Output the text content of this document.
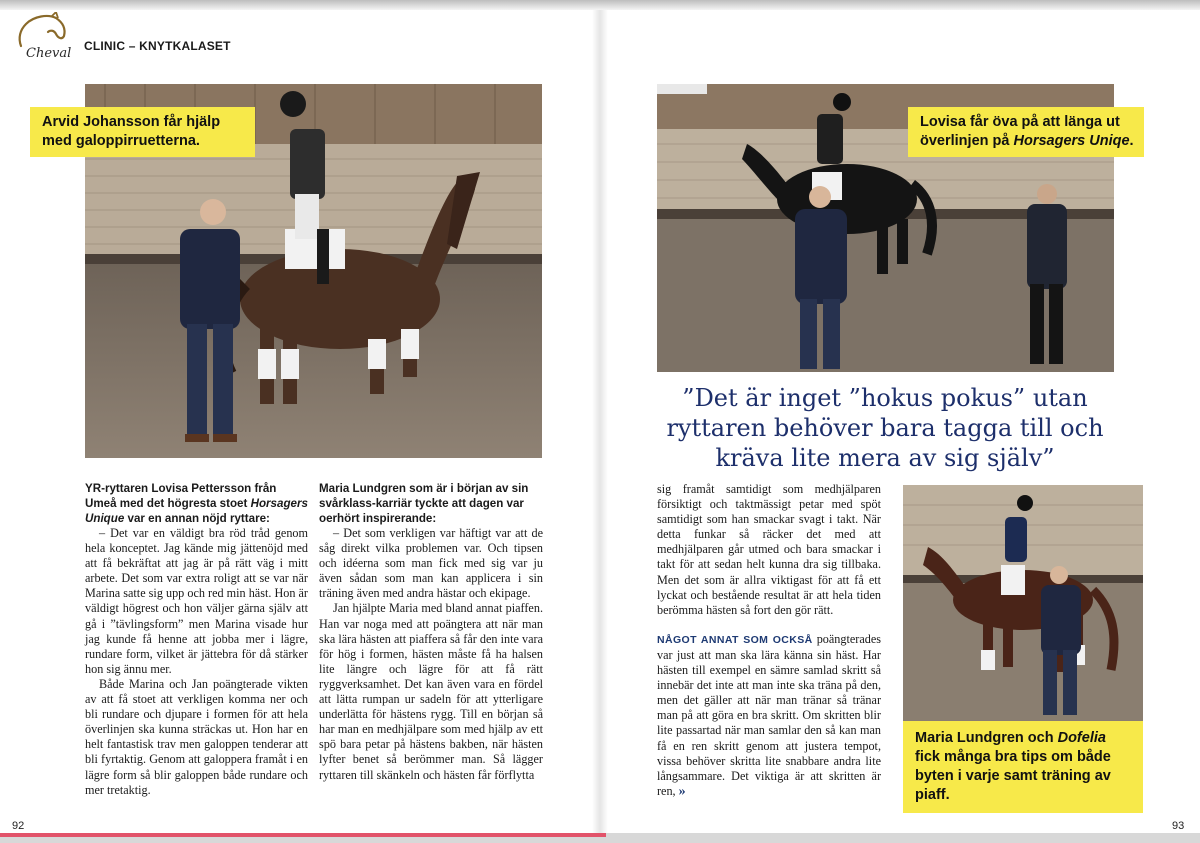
Cheval CLINIC – KNYTKALASET
Arvid Johansson får hjälp med galoppirruetterna.
Lovisa får öva på att längа ut överlinjen på Horsagers Uniqe.
”Det är inget ”hokus pokus” utan ryttaren behöver bara tagga till och kräva lite mera av sig själv”
Maria Lundgren och Dofelia fick många bra tips om både byten i varje samt träning av piaff.

YR-ryttaren Lovisa Pettersson från Umeå med det högresta stoet Horsagers Unique var en annan nöjd ryttare:

– Det var en väldigt bra röd tråd genom hela konceptet. Jag kände mig jättenöjd med att få bekräftat att jag är på rätt väg i mitt arbete. Det som var extra roligt att se var när Marina satte sig upp och red min häst. Hon är väldigt högrest och hon väljer gärna själv att gå i ”tävlingsform” men Marina visade hur jag kunde få henne att jobba mer i lägre, rundare form, vilket är jättebra för då stärker hon sig ännu mer.

Både Marina och Jan poängterade vikten av att få stoet att verkligen komma ner och bli rundare och djupare i formen för att hela överlinjen ska kunna sträckas ut. Hon har en helt fantastisk trav men galoppen tenderar att bli fyrtaktig. Genom att galoppera framåt i en lägre form så blir galoppen både rundare och mer tretaktig.

Maria Lundgren som är i början av sin svårklass-karriär tyckte att dagen var oerhört inspirerande:

– Det som verkligen var häftigt var att de såg direkt vilka problemen var. Och tipsen och idéerna som man fick med sig var ju även sådan som man kan applicera i sin träning även med andra hästar och ekipage.

Jan hjälpte Maria med bland annat piaffen. Han var noga med att poängtera att när man ska lära hästen att piaffera så får den inte vara för hög i formen, hästen måste få ha halsen lite längre och lägre för att få rätt ryggverksamhet. Det kan även vara en fördel att lätta rumpan ur sadeln för att ytterligare underlätta för hästens rygg. Till en början så har man en medhjälpare som med hjälp av ett spö bara petar på hästens bakben, när hästen lyfter benet så berömmer man. Så lägger ryttaren till skänkeln och hästen får förflytta

sig framåt samtidigt som medhjälparen försiktigt och taktmässigt petar med spöt samtidigt som han smackar svagt i takt. När detta funkar så räcker det med att medhjälparen går utmed och bara smackar i takt för att sedan helt kunna dra sig tillbaka. Men det som är allra viktigast för att få ett lyckat och bestående resultat är att hela tiden berömma hästen så fort den gör rätt.

NÅGOT ANNAT SOM OCKSÅ poängterades var just att man ska lära känna sin häst. Har hästen till exempel en sämre samlad skritt så innebär det inte att man inte ska träna på den, men det gäller att när man tränar så tränar man på att göra en bra skritt. Om skritten blir lite passartad när man samlar den så kan man få en ren skritt genom att justera tempot, vissa behöver skritta lite snabbare andra lite långsammare. Det viktiga är att skritten är ren, »

92	93
